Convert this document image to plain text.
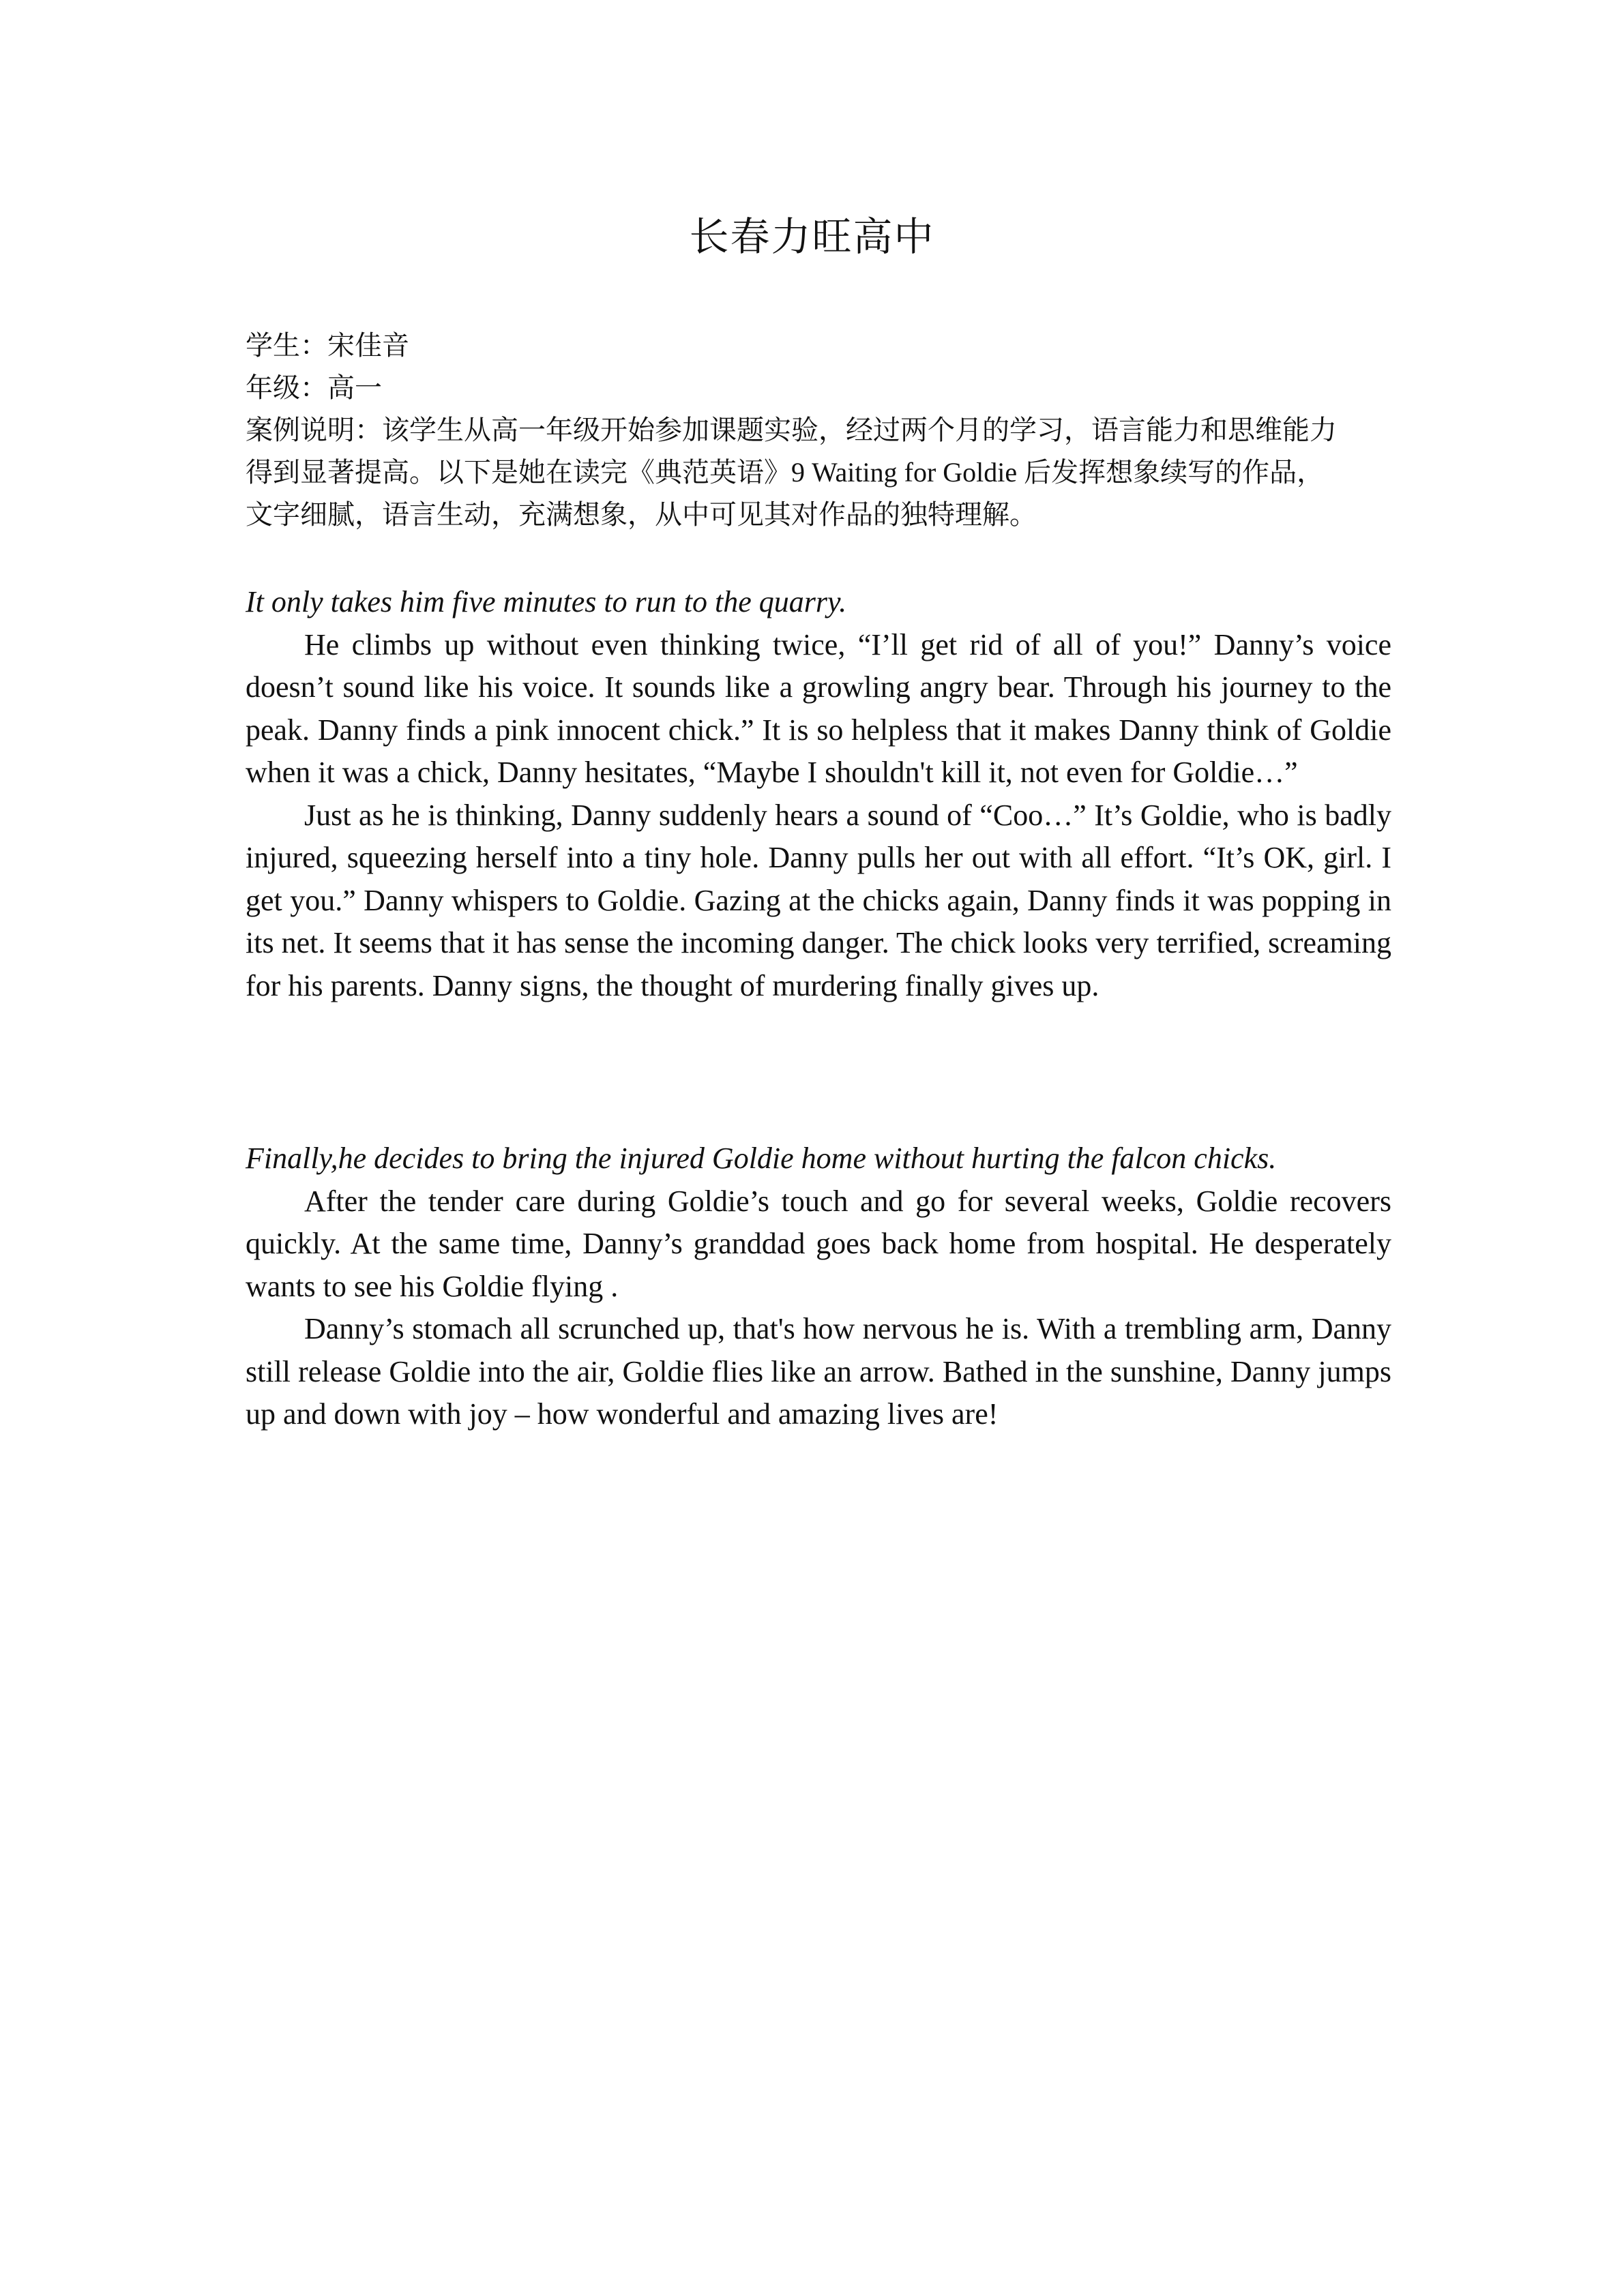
长春力旺高中
学生：宋佳音
年级：高一
案例说明：该学生从高一年级开始参加课题实验，经过两个月的学习，语言能力和思维能力
得到显著提高。以下是她在读完《典范英语》9 Waiting for Goldie 后发挥想象续写的作品，
文字细腻，语言生动，充满想象，从中可见其对作品的独特理解。
It only takes him five minutes to run to the quarry.

He climbs up without even thinking twice, “I’ll get rid of all of you!” Danny’s voice doesn’t sound like his voice. It sounds like a growling angry bear. Through his journey to the peak. Danny finds a pink innocent chick.” It is so helpless that it makes Danny think of Goldie when it was a chick, Danny hesitates, “Maybe I shouldn't kill it, not even for Goldie…”

Just as he is thinking, Danny suddenly hears a sound of “Coo…” It’s Goldie, who is badly injured, squeezing herself into a tiny hole. Danny pulls her out with all effort. “It’s OK, girl. I get you.” Danny whispers to Goldie. Gazing at the chicks again, Danny finds it was popping in its net. It seems that it has sense the incoming danger. The chick looks very terrified, screaming for his parents. Danny signs, the thought of murdering finally gives up.

Finally,he decides to bring the injured Goldie home without hurting the falcon chicks.

After the tender care during Goldie’s touch and go for several weeks, Goldie recovers quickly. At the same time, Danny’s granddad goes back home from hospital. He desperately wants to see his Goldie flying .

Danny’s stomach all scrunched up, that's how nervous he is. With a trembling arm, Danny still release Goldie into the air, Goldie flies like an arrow. Bathed in the sunshine, Danny jumps up and down with joy – how wonderful and amazing lives are!
